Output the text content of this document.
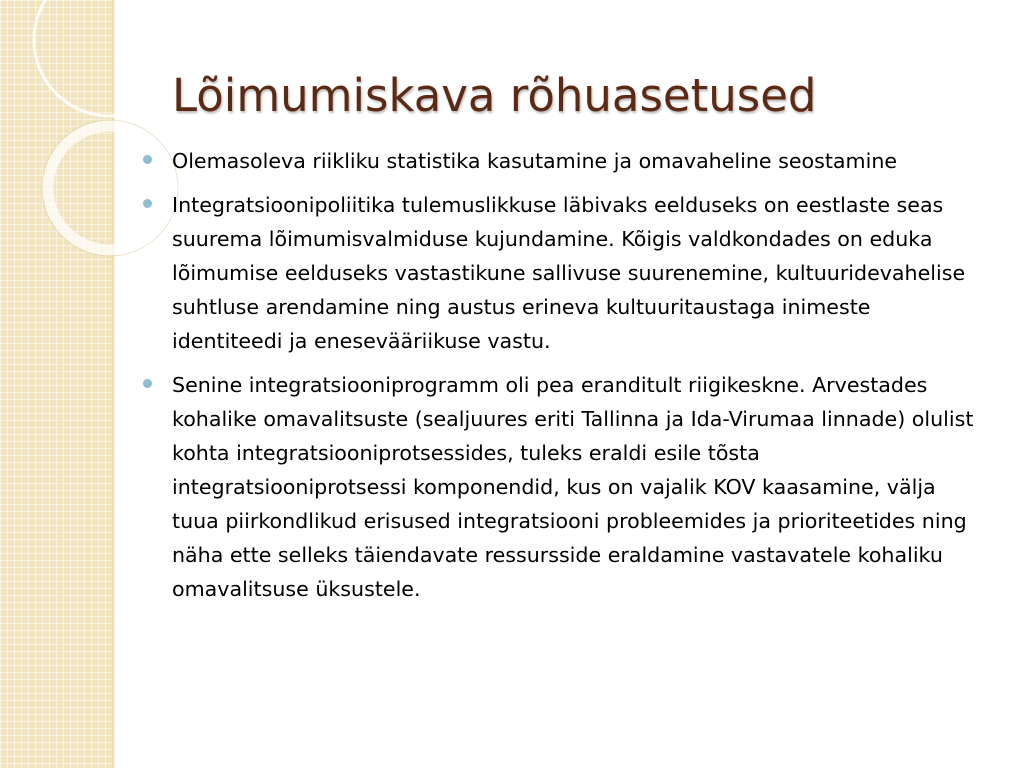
Lõimumiskava rõhuasetused
Olemasoleva riikliku statistika kasutamine ja omavaheline seostamine
Integratsioonipoliitika tulemuslikkuse läbivaks eelduseks on eestlaste seas suurema lõimumisvalmiduse kujundamine. Kõigis valdkondades on eduka lõimumise eelduseks vastastikune sallivuse suurenemine, kultuuridevahelise suhtluse arendamine ning austus erineva kultuuritaustaga inimeste identiteedi ja enesevääriikuse vastu.
Senine integratsiooniprogramm oli pea eranditult riigikeskne. Arvestades kohalike omavalitsuste (sealjuures eriti Tallinna ja Ida-Virumaa linnade) olulist kohta integratsiooniprotsessides, tuleks eraldi esile tõsta integratsiooniprotsessi komponendid, kus on vajalik KOV kaasamine, välja tuua piirkondlikud erisused integratsiooni probleemides ja prioriteetides ning näha ette selleks täiendavate ressursside eraldamine vastavatele kohaliku omavalitsuse üksustele.
